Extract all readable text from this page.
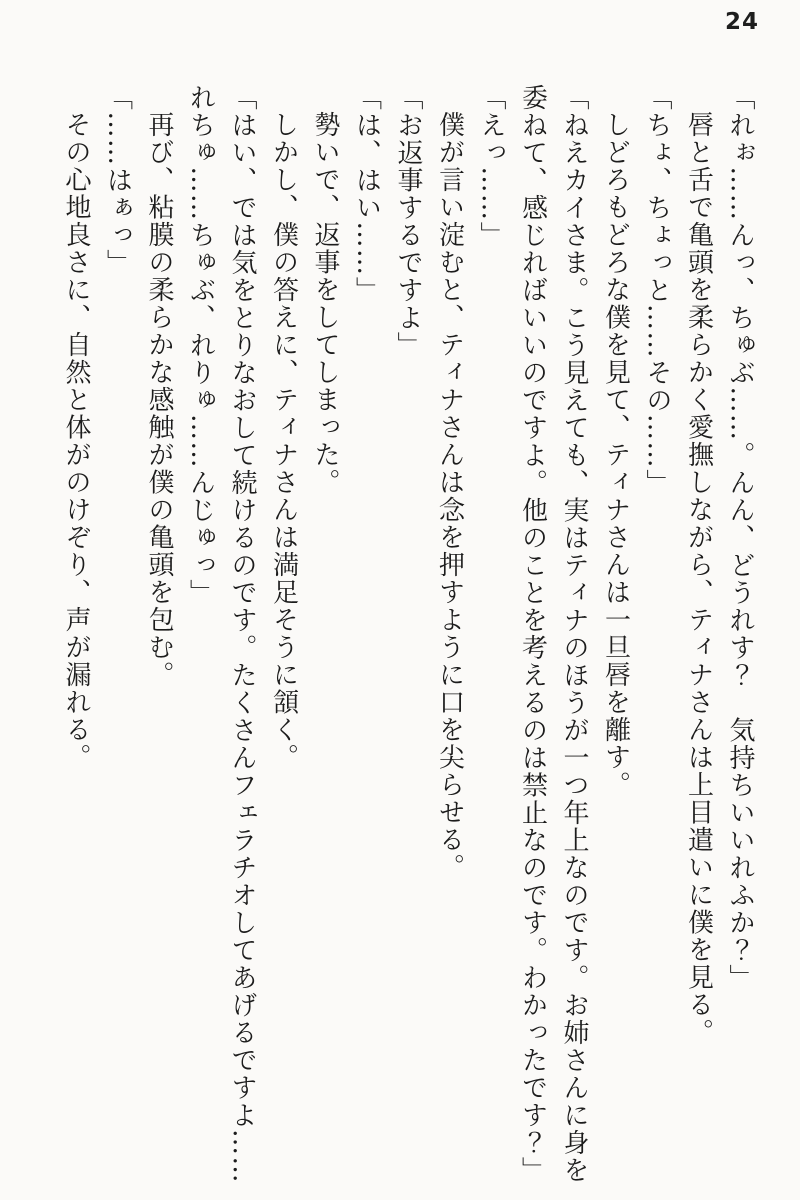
24
「れぉ……んっ、ちゅぶ……。んん、どうれす？　気持ちいいれふか？」
唇と舌で亀頭を柔らかく愛撫しながら、ティナさんは上目遣いに僕を見る。
「ちょ、ちょっと……その……」
しどろもどろな僕を見て、ティナさんは一旦唇を離す。
「ねえカイさま。こう見えても、実はティナのほうが一つ年上なのです。お姉さんに身を
委ねて、感じればいいのですよ。他のことを考えるのは禁止なのです。わかったです？」
「えっ……」
僕が言い淀むと、ティナさんは念を押すように口を尖らせる。
「お返事するですよ」
「は、はい……」
勢いで、返事をしてしまった。
しかし、僕の答えに、ティナさんは満足そうに頷く。
「はい、では気をとりなおして続けるのです。たくさんフェラチオしてあげるですよ……
れちゅ……ちゅぶ、れりゅ……んじゅっ」
再び、粘膜の柔らかな感触が僕の亀頭を包む。
「……はぁっ」
その心地良さに、自然と体がのけぞり、声が漏れる。
